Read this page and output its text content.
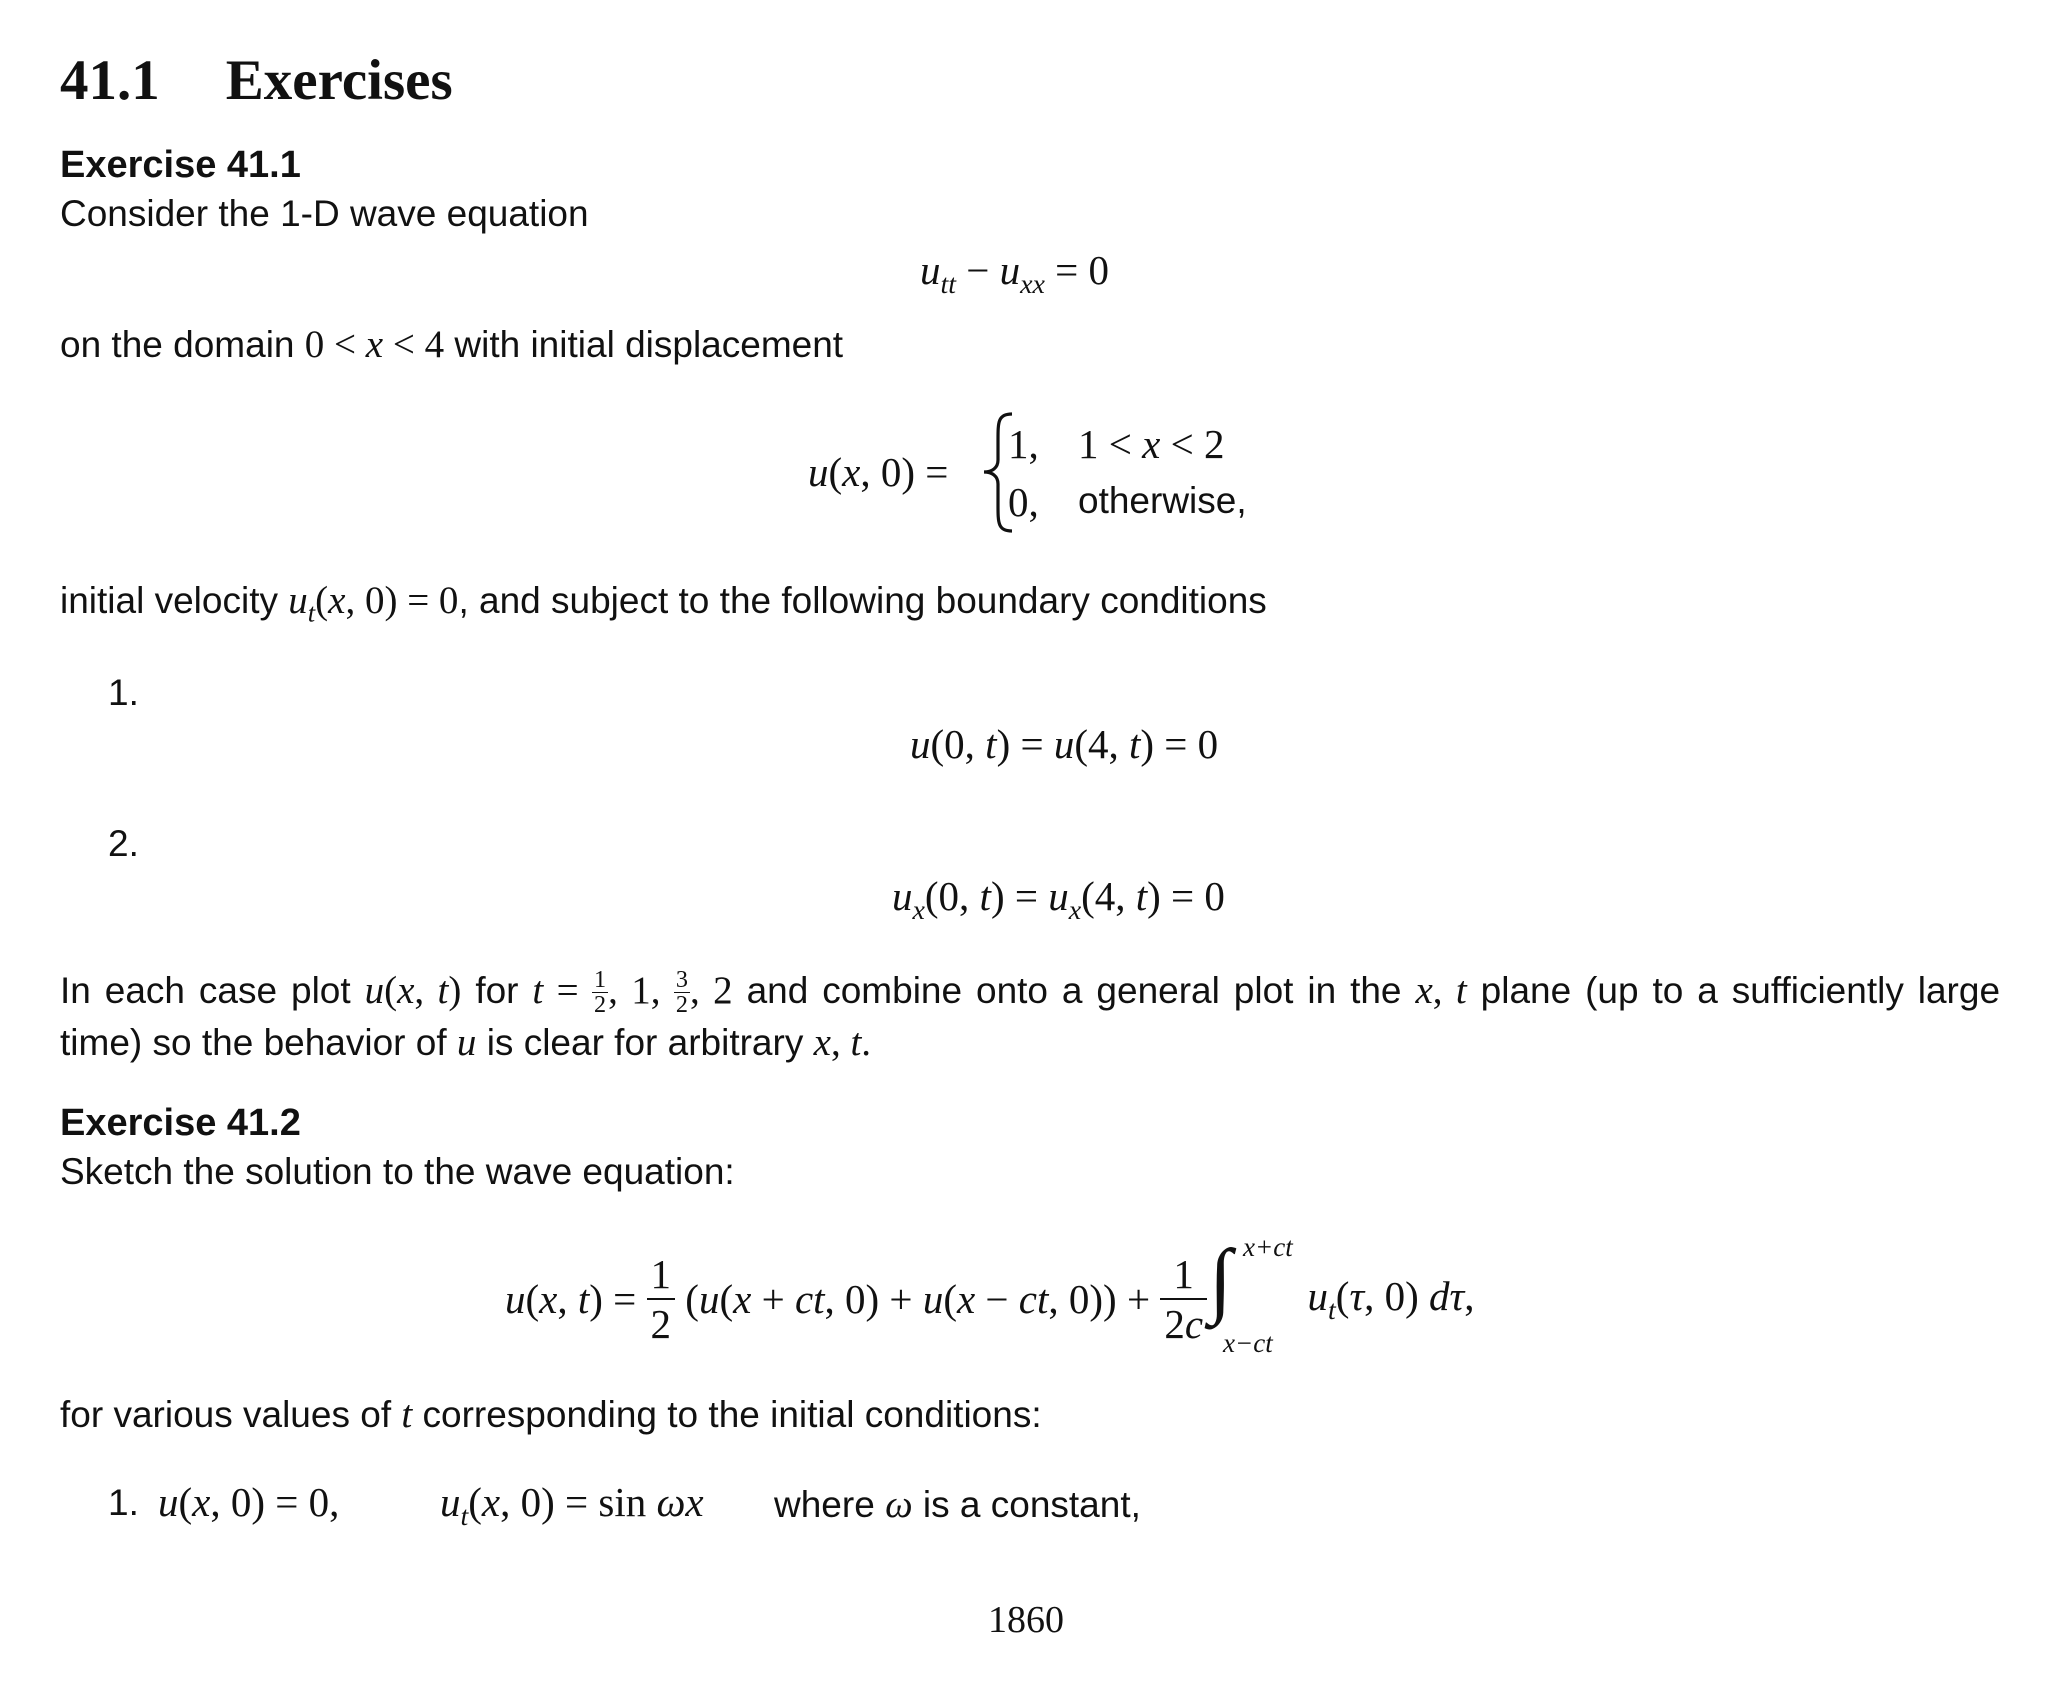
41.1 Exercises
Exercise 41.1
Consider the 1-D wave equation
$u_{tt} - u_{xx} = 0$
on the domain 0 < x < 4 with initial displacement
u(x, 0) =
1, 1 < x < 2
0, otherwise,
initial velocity $u_t(x$, 0) = 0, and subject to the following boundary conditions
1.
u(0, t) = u(4, t) = 0
2.
$u_x(0$, $t) = u_x(4$, t) = 0
In each case plot u(x, t) for $t = \frac{1}{2}$ , 1, $\frac{3}{2}$ , 2 and combine onto a general plot in the x, t plane (up to a sufficiently large
time) so the behavior of u is clear for arbitrary x, t.
Exercise 41.2
Sketch the solution to the wave equation:
u(x, $t) = \frac{1}{2} (u(x$ + ct, 0) + u(x − ct, $0)) + \frac{1}{2c}$ ∫ x+ct
x−ct
$u_t(\tau$, 0) dτ,
for various values of t corresponding to the initial conditions:
1. u(x, 0) = 0, $u_t(x$, 0) = sin ωx where ω is a constant,
1860
